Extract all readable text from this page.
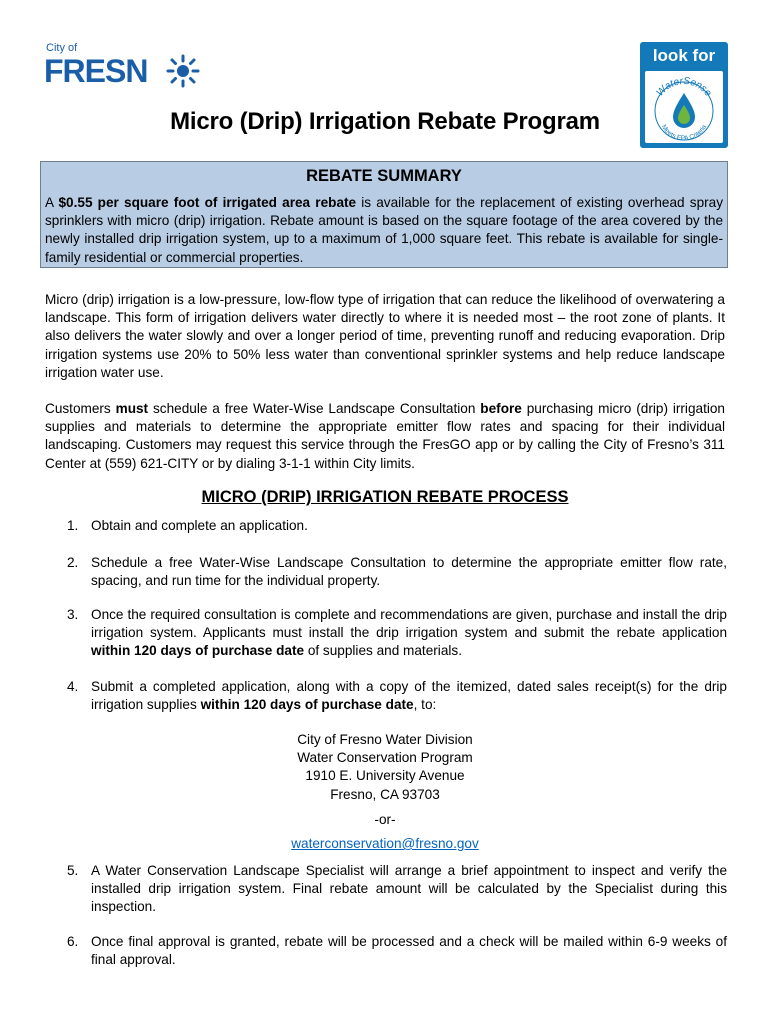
City of
FRESN	look for
WaterSense
Meets EPA Criteria
Micro (Drip) Irrigation Rebate Program
REBATE SUMMARY
A $0.55 per square foot of irrigated area rebate is available for the replacement of existing overhead spray sprinklers with micro (drip) irrigation. Rebate amount is based on the square footage of the area covered by the newly installed drip irrigation system, up to a maximum of 1,000 square feet. This rebate is available for single-family residential or commercial properties.
Micro (drip) irrigation is a low-pressure, low-flow type of irrigation that can reduce the likelihood of overwatering a landscape. This form of irrigation delivers water directly to where it is needed most – the root zone of plants. It also delivers the water slowly and over a longer period of time, preventing runoff and reducing evaporation. Drip irrigation systems use 20% to 50% less water than conventional sprinkler systems and help reduce landscape irrigation water use.
Customers must schedule a free Water-Wise Landscape Consultation before purchasing micro (drip) irrigation supplies and materials to determine the appropriate emitter flow rates and spacing for their individual landscaping. Customers may request this service through the FresGO app or by calling the City of Fresno’s 311 Center at (559) 621-CITY or by dialing 3-1-1 within City limits.
MICRO (DRIP) IRRIGATION REBATE PROCESS
1. Obtain and complete an application.
2. Schedule a free Water-Wise Landscape Consultation to determine the appropriate emitter flow rate, spacing, and run time for the individual property.
3. Once the required consultation is complete and recommendations are given, purchase and install the drip irrigation system. Applicants must install the drip irrigation system and submit the rebate application within 120 days of purchase date of supplies and materials.
4. Submit a completed application, along with a copy of the itemized, dated sales receipt(s) for the drip irrigation supplies within 120 days of purchase date, to:
City of Fresno Water Division
Water Conservation Program
1910 E. University Avenue
Fresno, CA 93703
-or-
waterconservation@fresno.gov
5. A Water Conservation Landscape Specialist will arrange a brief appointment to inspect and verify the installed drip irrigation system. Final rebate amount will be calculated by the Specialist during this inspection.
6. Once final approval is granted, rebate will be processed and a check will be mailed within 6-9 weeks of final approval.
